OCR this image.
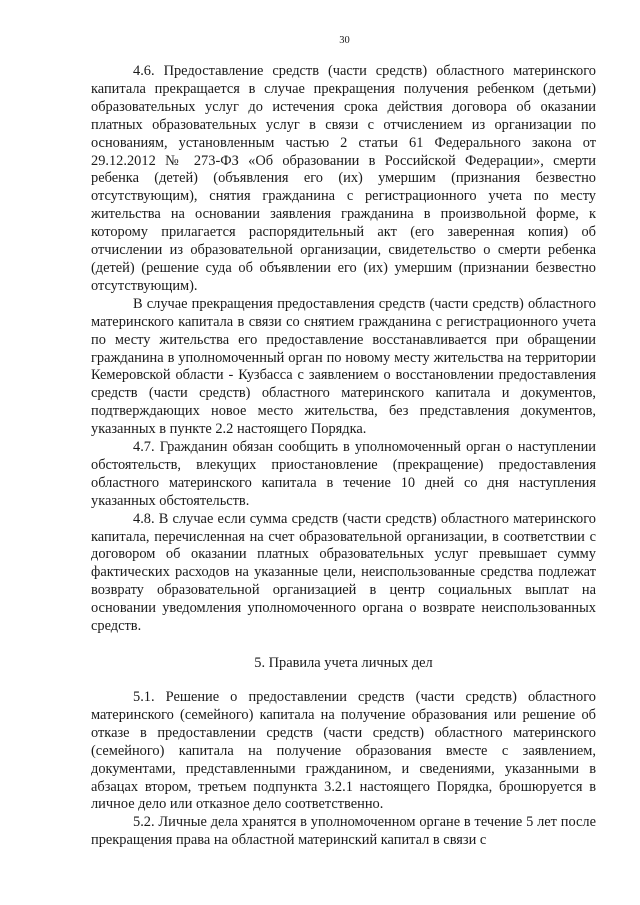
30

4.6. Предоставление средств (части средств) областного материнского капитала прекращается в случае прекращения получения ребенком (детьми) образовательных услуг до истечения срока действия договора об оказании платных образовательных услуг в связи с отчислением из организации по основаниям, установленным частью 2 статьи 61 Федерального закона от 29.12.2012 № 273-ФЗ «Об образовании в Российской Федерации», смерти ребенка (детей) (объявления его (их) умершим (признания безвестно отсутствующим), снятия гражданина с регистрационного учета по месту жительства на основании заявления гражданина в произвольной форме, к которому прилагается распорядительный акт (его заверенная копия) об отчислении из образовательной организации, свидетельство о смерти ребенка (детей) (решение суда об объявлении его (их) умершим (признании безвестно отсутствующим).

В случае прекращения предоставления средств (части средств) областного материнского капитала в связи со снятием гражданина с регистрационного учета по месту жительства его предоставление восстанавливается при обращении гражданина в уполномоченный орган по новому месту жительства на территории Кемеровской области - Кузбасса с заявлением о восстановлении предоставления средств (части средств) областного материнского капитала и документов, подтверждающих новое место жительства, без представления документов, указанных в пункте 2.2 настоящего Порядка.

4.7. Гражданин обязан сообщить в уполномоченный орган о наступлении обстоятельств, влекущих приостановление (прекращение) предоставления областного материнского капитала в течение 10 дней со дня наступления указанных обстоятельств.

4.8. В случае если сумма средств (части средств) областного материнского капитала, перечисленная на счет образовательной организации, в соответствии с договором об оказании платных образовательных услуг превышает сумму фактических расходов на указанные цели, неиспользованные средства подлежат возврату образовательной организацией в центр социальных выплат на основании уведомления уполномоченного органа о возврате неиспользованных средств.

5. Правила учета личных дел

5.1. Решение о предоставлении средств (части средств) областного материнского (семейного) капитала на получение образования или решение об отказе в предоставлении средств (части средств) областного материнского (семейного) капитала на получение образования вместе с заявлением, документами, представленными гражданином, и сведениями, указанными в абзацах втором, третьем подпункта 3.2.1 настоящего Порядка, брошюруется в личное дело или отказное дело соответственно.

5.2. Личные дела хранятся в уполномоченном органе в течение 5 лет после прекращения права на областной материнский капитал в связи с
